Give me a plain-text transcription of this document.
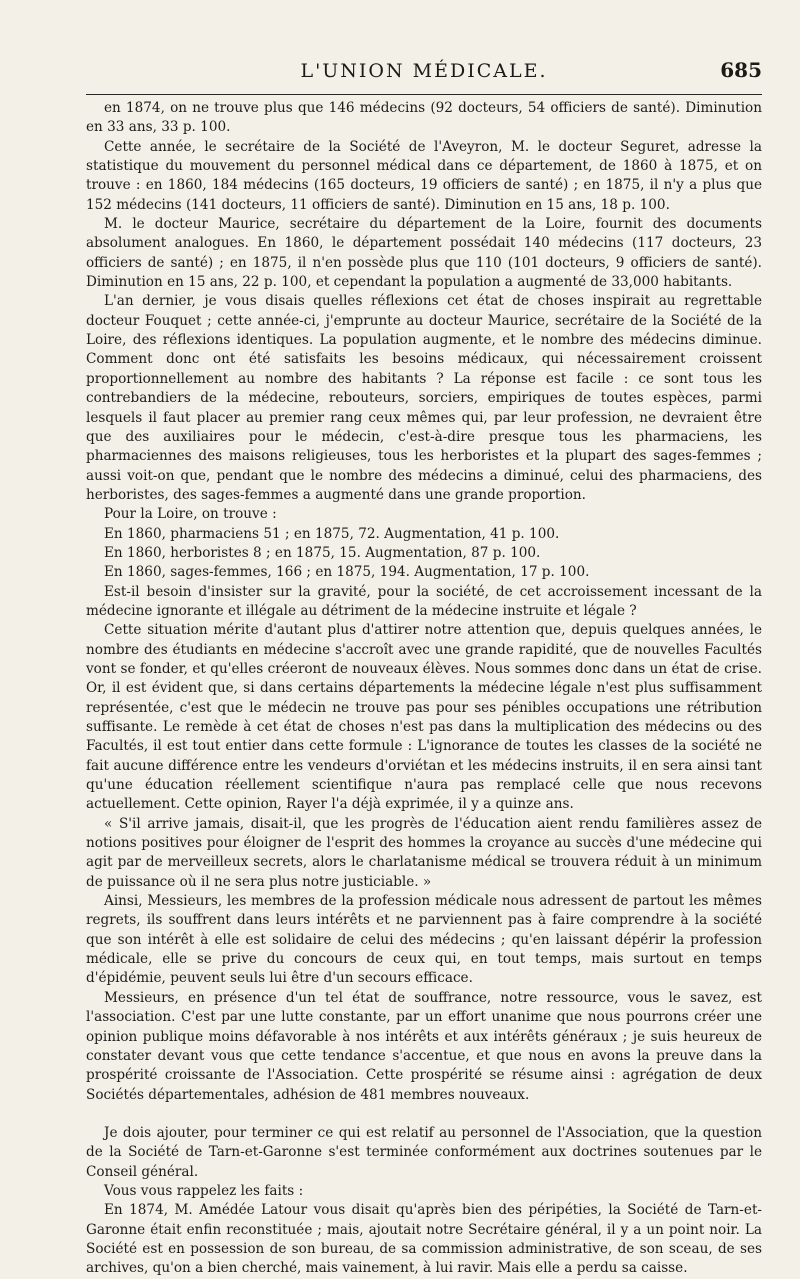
L'UNION MÉDICALE.	685

en 1874, on ne trouve plus que 146 médecins (92 docteurs, 54 officiers de santé). Diminution en 33 ans, 33 p. 100.

Cette année, le secrétaire de la Société de l'Aveyron, M. le docteur Seguret, adresse la statistique du mouvement du personnel médical dans ce département, de 1860 à 1875, et on trouve : en 1860, 184 médecins (165 docteurs, 19 officiers de santé) ; en 1875, il n'y a plus que 152 médecins (141 docteurs, 11 officiers de santé). Diminution en 15 ans, 18 p. 100.

M. le docteur Maurice, secrétaire du département de la Loire, fournit des documents absolument analogues. En 1860, le département possédait 140 médecins (117 docteurs, 23 officiers de santé) ; en 1875, il n'en possède plus que 110 (101 docteurs, 9 officiers de santé). Diminution en 15 ans, 22 p. 100, et cependant la population a augmenté de 33,000 habitants.

L'an dernier, je vous disais quelles réflexions cet état de choses inspirait au regrettable docteur Fouquet ; cette année-ci, j'emprunte au docteur Maurice, secrétaire de la Société de la Loire, des réflexions identiques. La population augmente, et le nombre des médecins diminue. Comment donc ont été satisfaits les besoins médicaux, qui nécessairement croissent proportionnellement au nombre des habitants ? La réponse est facile : ce sont tous les contrebandiers de la médecine, rebouteurs, sorciers, empiriques de toutes espèces, parmi lesquels il faut placer au premier rang ceux mêmes qui, par leur profession, ne devraient être que des auxiliaires pour le médecin, c'est-à-dire presque tous les pharmaciens, les pharmaciennes des maisons religieuses, tous les herboristes et la plupart des sages-femmes ; aussi voit-on que, pendant que le nombre des médecins a diminué, celui des pharmaciens, des herboristes, des sages-femmes a augmenté dans une grande proportion.

Pour la Loire, on trouve :

En 1860, pharmaciens 51 ; en 1875, 72. Augmentation, 41 p. 100.

En 1860, herboristes 8 ; en 1875, 15. Augmentation, 87 p. 100.

En 1860, sages-femmes, 166 ; en 1875, 194. Augmentation, 17 p. 100.

Est-il besoin d'insister sur la gravité, pour la société, de cet accroissement incessant de la médecine ignorante et illégale au détriment de la médecine instruite et légale ?

Cette situation mérite d'autant plus d'attirer notre attention que, depuis quelques années, le nombre des étudiants en médecine s'accroît avec une grande rapidité, que de nouvelles Facultés vont se fonder, et qu'elles créeront de nouveaux élèves. Nous sommes donc dans un état de crise. Or, il est évident que, si dans certains départements la médecine légale n'est plus suffisamment représentée, c'est que le médecin ne trouve pas pour ses pénibles occupations une rétribution suffisante. Le remède à cet état de choses n'est pas dans la multiplication des médecins ou des Facultés, il est tout entier dans cette formule : L'ignorance de toutes les classes de la société ne fait aucune différence entre les vendeurs d'orviétan et les médecins instruits, il en sera ainsi tant qu'une éducation réellement scientifique n'aura pas remplacé celle que nous recevons actuellement. Cette opinion, Rayer l'a déjà exprimée, il y a quinze ans.

« S'il arrive jamais, disait-il, que les progrès de l'éducation aient rendu familières assez de notions positives pour éloigner de l'esprit des hommes la croyance au succès d'une médecine qui agit par de merveilleux secrets, alors le charlatanisme médical se trouvera réduit à un minimum de puissance où il ne sera plus notre justiciable. »

Ainsi, Messieurs, les membres de la profession médicale nous adressent de partout les mêmes regrets, ils souffrent dans leurs intérêts et ne parviennent pas à faire comprendre à la société que son intérêt à elle est solidaire de celui des médecins ; qu'en laissant dépérir la profession médicale, elle se prive du concours de ceux qui, en tout temps, mais surtout en temps d'épidémie, peuvent seuls lui être d'un secours efficace.

Messieurs, en présence d'un tel état de souffrance, notre ressource, vous le savez, est l'association. C'est par une lutte constante, par un effort unanime que nous pourrons créer une opinion publique moins défavorable à nos intérêts et aux intérêts généraux ; je suis heureux de constater devant vous que cette tendance s'accentue, et que nous en avons la preuve dans la prospérité croissante de l'Association. Cette prospérité se résume ainsi : agrégation de deux Sociétés départementales, adhésion de 481 membres nouveaux.

Je dois ajouter, pour terminer ce qui est relatif au personnel de l'Association, que la question de la Société de Tarn-et-Garonne s'est terminée conformément aux doctrines soutenues par le Conseil général.

Vous vous rappelez les faits :

En 1874, M. Amédée Latour vous disait qu'après bien des péripéties, la Société de Tarn-et-Garonne était enfin reconstituée ; mais, ajoutait notre Secrétaire général, il y a un point noir. La Société est en possession de son bureau, de sa commission administrative, de son sceau, de ses archives, qu'on a bien cherché, mais vainement, à lui ravir. Mais elle a perdu sa caisse.
